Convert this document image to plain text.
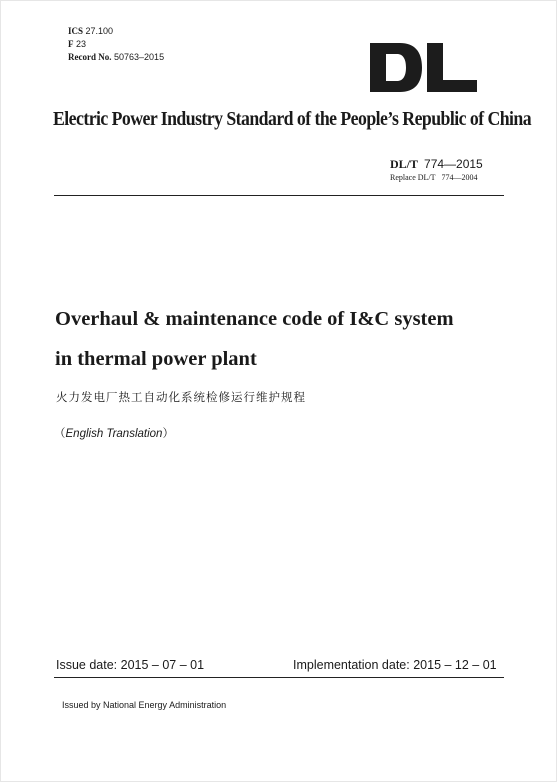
ICS 27.100
F 23
Record No. 50763–2015
Electric Power Industry Standard of the People’s Republic of China
DL/T 774—2015
Replace DL/T 774—2004
Overhaul & maintenance code of I&C system
in thermal power plant
火力发电厂热工自动化系统检修运行维护规程
（English Translation）
Issue date: 2015 – 07 – 01	Implementation date: 2015 – 12 – 01
Issued by National Energy Administration
